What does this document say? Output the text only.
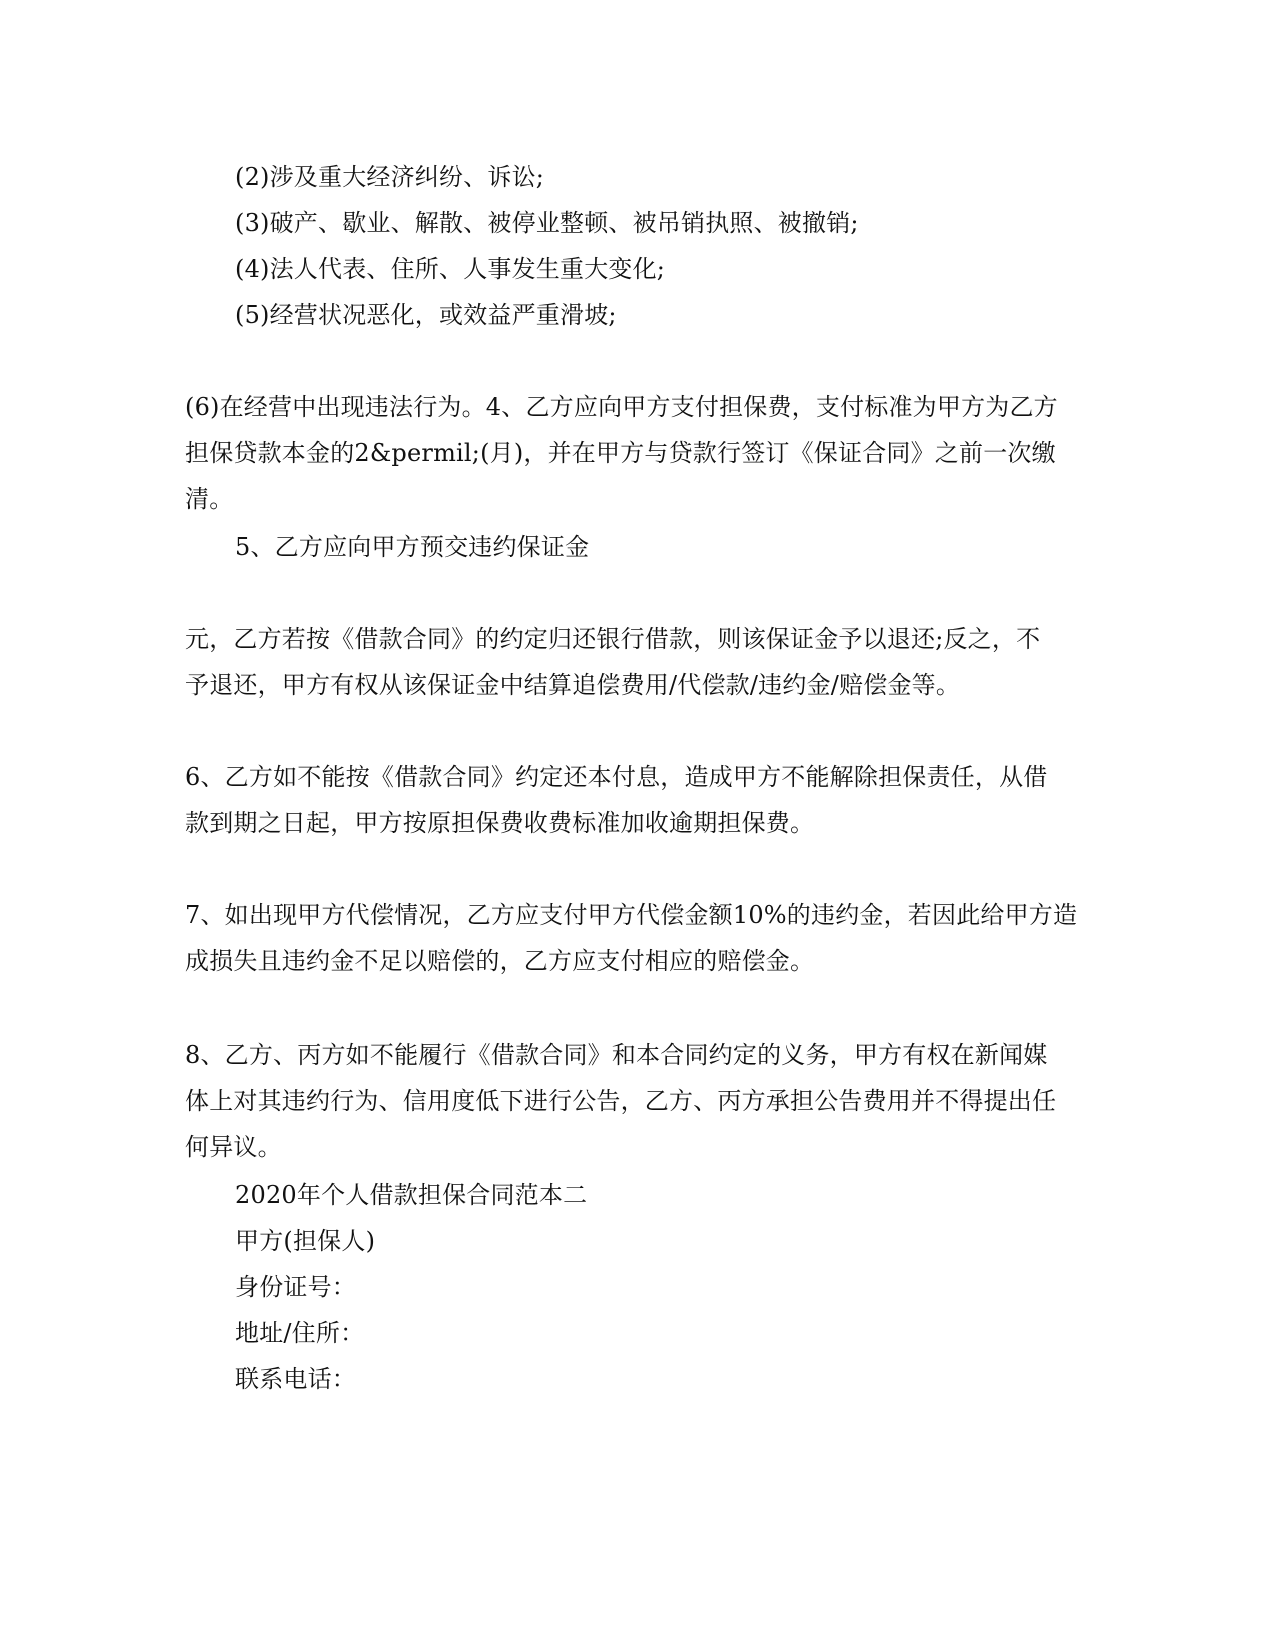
(2)涉及重大经济纠纷、诉讼;
(3)破产、歇业、解散、被停业整顿、被吊销执照、被撤销;
(4)法人代表、住所、人事发生重大变化;
(5)经营状况恶化，或效益严重滑坡;
(6)在经营中出现违法行为。4、乙方应向甲方支付担保费，支付标准为甲方为乙方
担保贷款本金的2&permil;(月)，并在甲方与贷款行签订《保证合同》之前一次缴
清。
5、乙方应向甲方预交违约保证金
元，乙方若按《借款合同》的约定归还银行借款，则该保证金予以退还;反之，不
予退还，甲方有权从该保证金中结算追偿费用/代偿款/违约金/赔偿金等。
6、乙方如不能按《借款合同》约定还本付息，造成甲方不能解除担保责任，从借
款到期之日起，甲方按原担保费收费标准加收逾期担保费。
7、如出现甲方代偿情况，乙方应支付甲方代偿金额10%的违约金，若因此给甲方造
成损失且违约金不足以赔偿的，乙方应支付相应的赔偿金。
8、乙方、丙方如不能履行《借款合同》和本合同约定的义务，甲方有权在新闻媒
体上对其违约行为、信用度低下进行公告，乙方、丙方承担公告费用并不得提出任
何异议。
2020年个人借款担保合同范本二
甲方(担保人)
身份证号：
地址/住所：
联系电话：
